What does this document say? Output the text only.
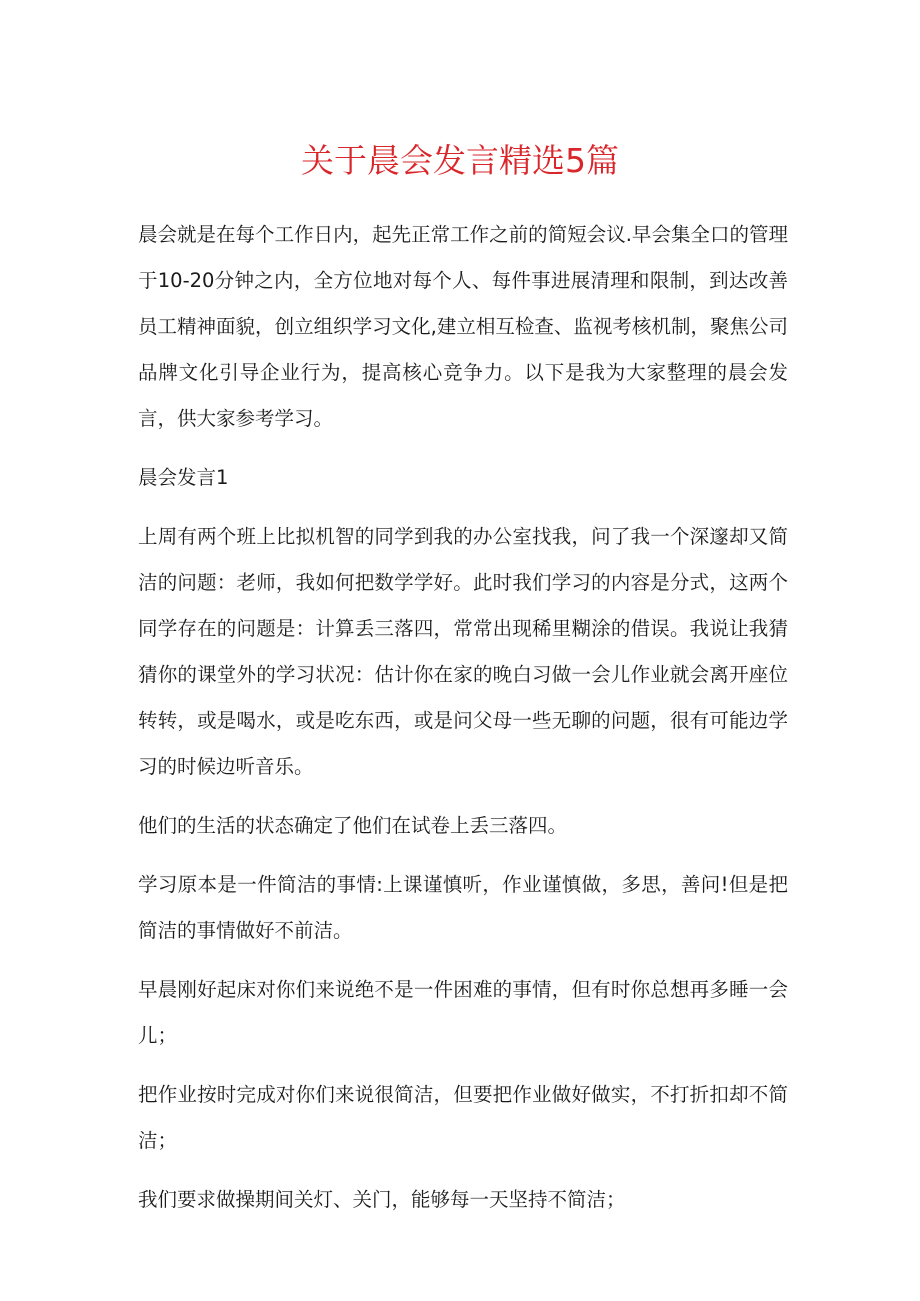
关于晨会发言精选5篇

晨会就是在每个工作日内，起先正常工作之前的简短会议.早会集全口的管理于10-20分钟之内，全方位地对每个人、每件事进展清理和限制，到达改善员工精神面貌，创立组织学习文化,建立相互检查、监视考核机制，聚焦公司品牌文化引导企业行为，提高核心竞争力。以下是我为大家整理的晨会发言，供大家参考学习。

晨会发言1

上周有两个班上比拟机智的同学到我的办公室找我，问了我一个深邃却又简洁的问题：老师，我如何把数学学好。此时我们学习的内容是分式，这两个同学存在的问题是：计算丢三落四，常常出现稀里糊涂的借误。我说让我猜猜你的课堂外的学习状况：估计你在家的晚白习做一会儿作业就会离开座位转转，或是喝水，或是吃东西，或是问父母一些无聊的问题，很有可能边学习的时候边听音乐。

他们的生活的状态确定了他们在试卷上丢三落四。

学习原本是一件简洁的事情:上课谨慎听，作业谨慎做，多思，善问!但是把简洁的事情做好不前洁。

早晨刚好起床对你们来说绝不是一件困难的事情，但有时你总想再多睡一会儿；

把作业按时完成对你们来说很简洁，但要把作业做好做实，不打折扣却不简洁；

我们要求做操期间关灯、关门，能够每一天坚持不简洁；
